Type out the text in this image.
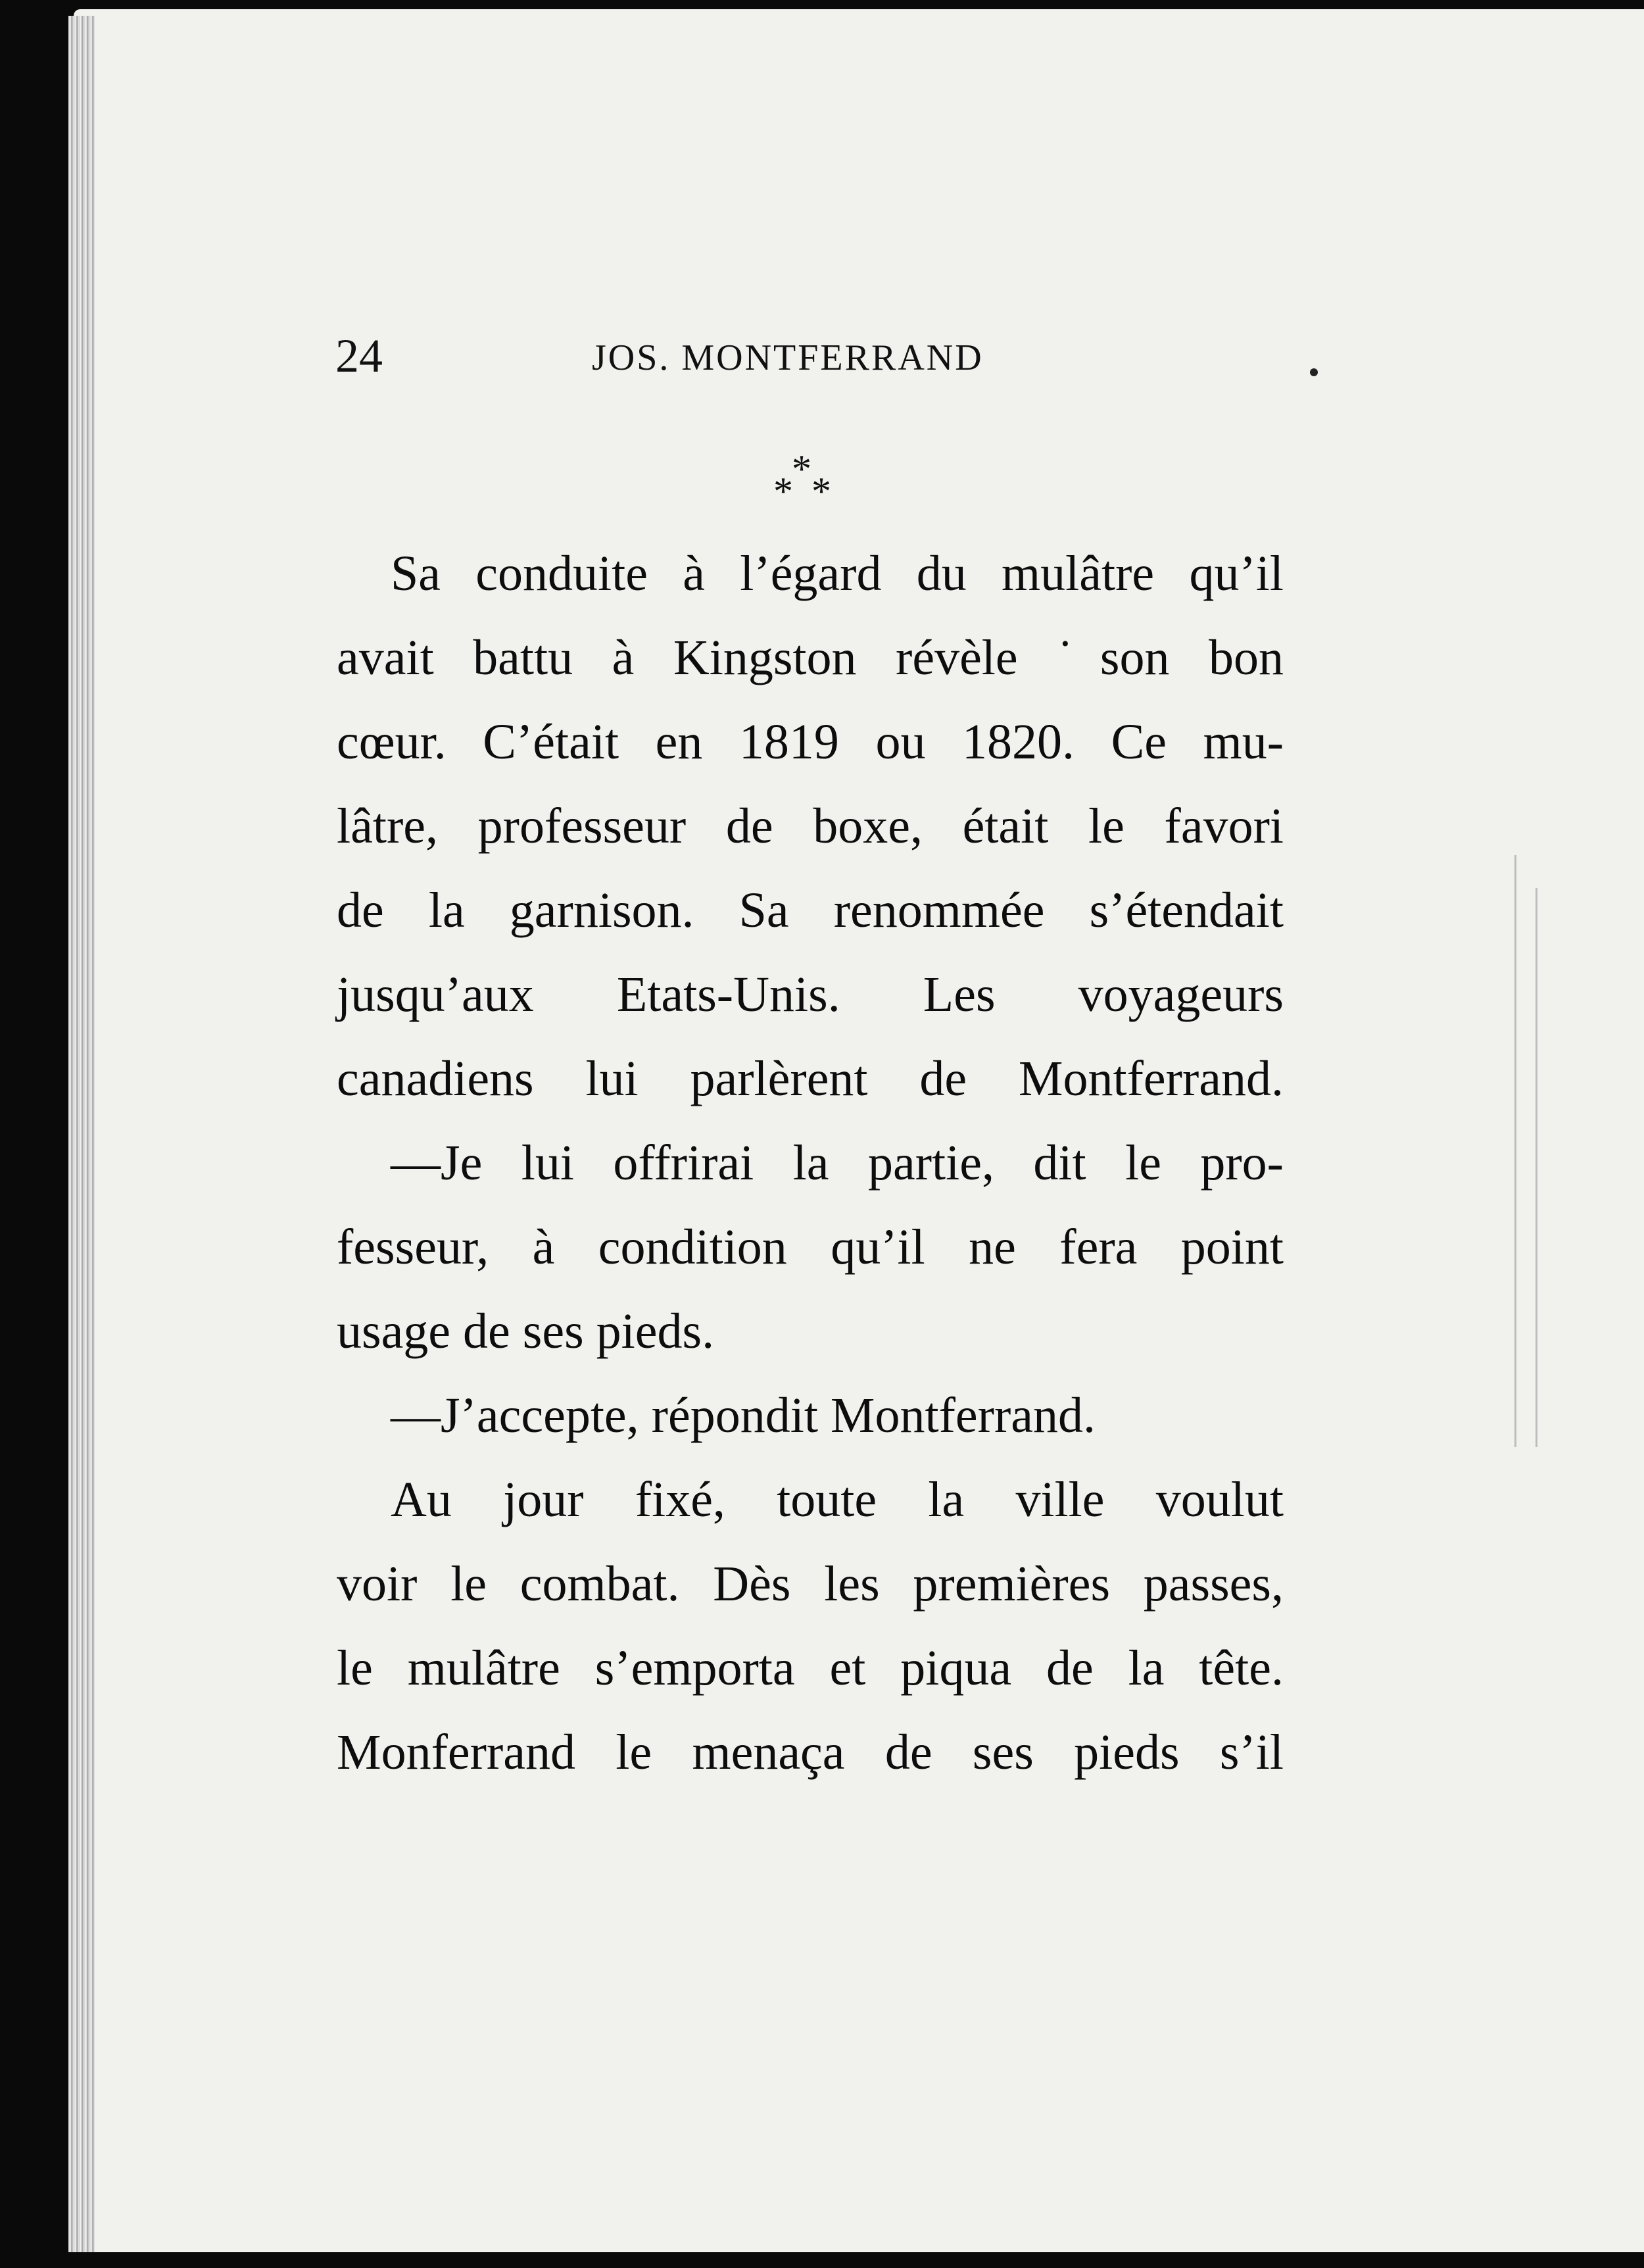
24	JOS. MONTFERRAND
*
* *
Sa conduite à l’égard du mulâtre qu’il
avait battu à Kingston révèle ˙son bon
cœur. C’était en 1819 ou 1820. Ce mu-
lâtre, professeur de boxe, était le favori
de la garnison. Sa renommée s’étendait
jusqu’aux Etats-Unis. Les voyageurs
canadiens lui parlèrent de Montferrand.
—Je lui offrirai la partie, dit le pro-
fesseur, à condition qu’il ne fera point
usage de ses pieds.
—J’accepte, répondit Montferrand.
Au jour fixé, toute la ville voulut
voir le combat. Dès les premières passes,
le mulâtre s’emporta et piqua de la tête.
Monferrand le menaça de ses pieds s’il
